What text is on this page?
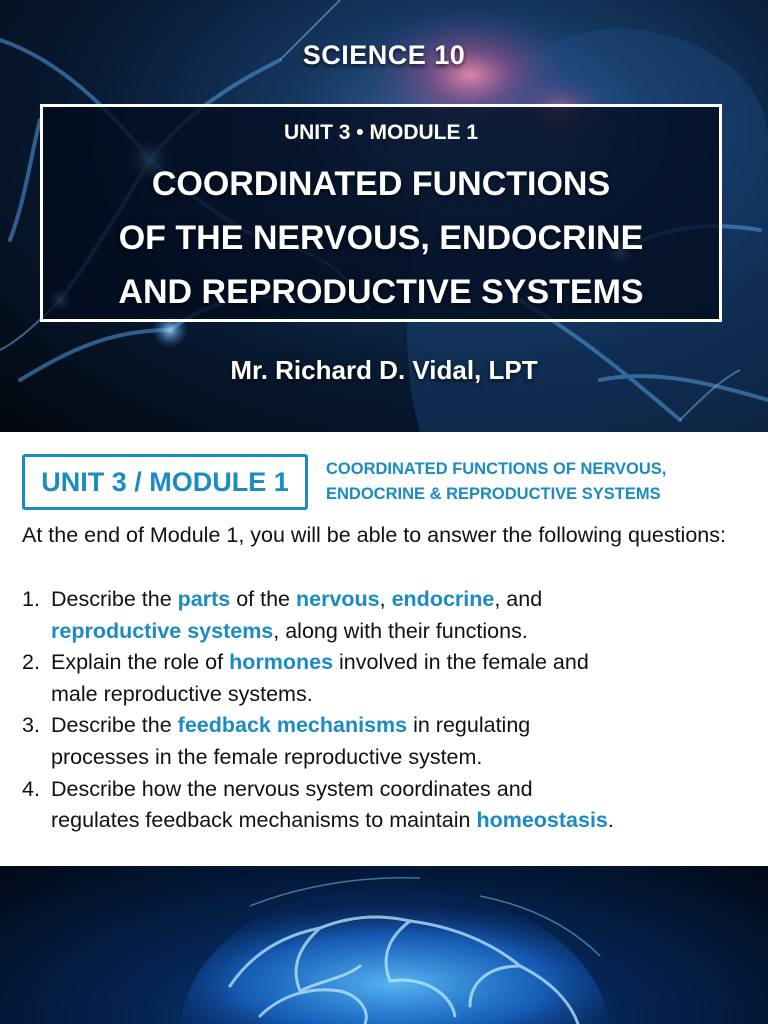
SCIENCE 10
UNIT 3 • MODULE 1
COORDINATED FUNCTIONS
OF THE NERVOUS, ENDOCRINE
AND REPRODUCTIVE SYSTEMS
Mr. Richard D. Vidal, LPT
UNIT 3 / MODULE 1	COORDINATED FUNCTIONS OF NERVOUS,
ENDOCRINE & REPRODUCTIVE SYSTEMS
At the end of Module 1, you will be able to answer the following questions:
1. Describe the parts of the nervous, endocrine, and
reproductive systems, along with their functions.
2. Explain the role of hormones involved in the female and
male reproductive systems.
3. Describe the feedback mechanisms in regulating
processes in the female reproductive system.
4. Describe how the nervous system coordinates and
regulates feedback mechanisms to maintain homeostasis.
